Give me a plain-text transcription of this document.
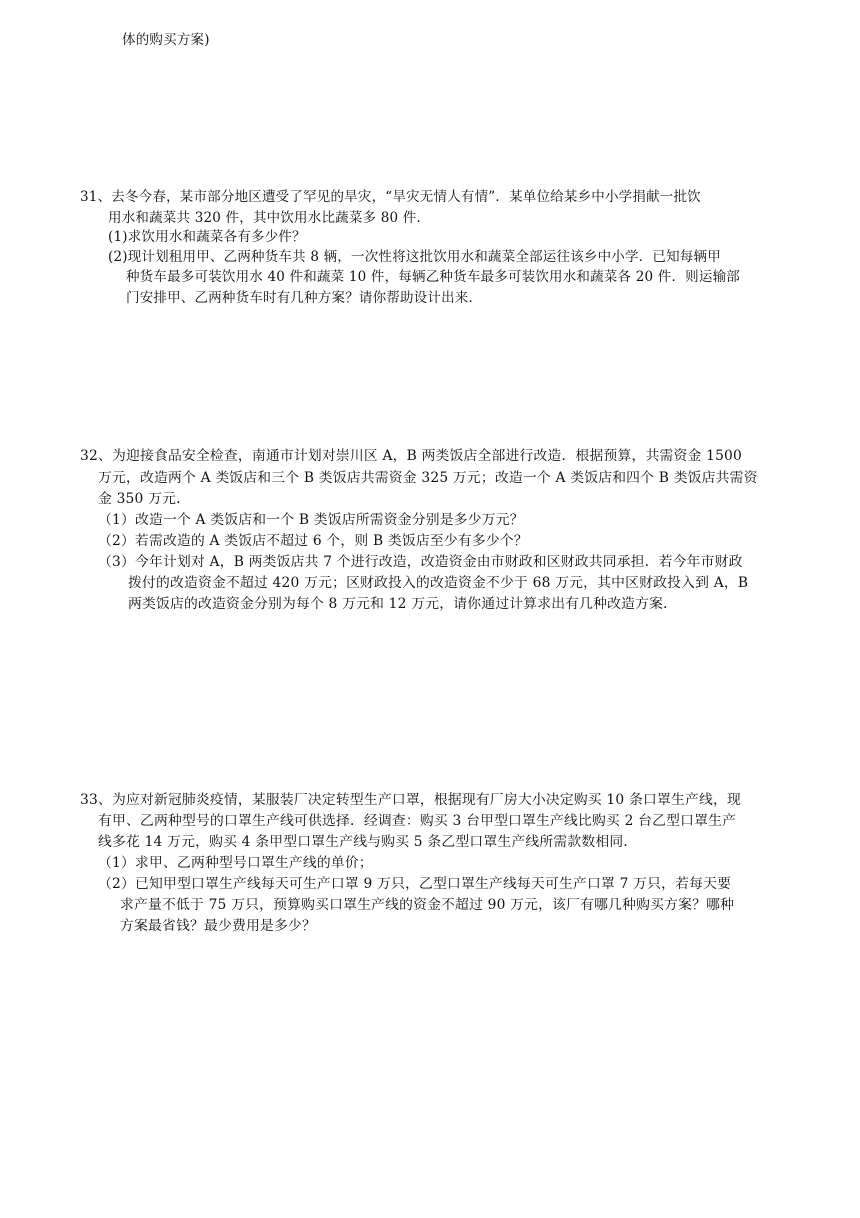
体的购买方案)
31、去冬今春，某市部分地区遭受了罕见的旱灾，“旱灾无情人有情”．某单位给某乡中小学捐献一批饮
用水和蔬菜共 320 件，其中饮用水比蔬菜多 80 件．
(1)求饮用水和蔬菜各有多少件？
(2)现计划租用甲、乙两种货车共 8 辆，一次性将这批饮用水和蔬菜全部运往该乡中小学．已知每辆甲
种货车最多可装饮用水 40 件和蔬菜 10 件，每辆乙种货车最多可装饮用水和蔬菜各 20 件．则运输部
门安排甲、乙两种货车时有几种方案？请你帮助设计出来．
32、为迎接食品安全检查，南通市计划对崇川区 A，B 两类饭店全部进行改造．根据预算，共需资金 1500
万元，改造两个 A 类饭店和三个 B 类饭店共需资金 325 万元；改造一个 A 类饭店和四个 B 类饭店共需资
金 350 万元．
（1）改造一个 A 类饭店和一个 B 类饭店所需资金分别是多少万元？
（2）若需改造的 A 类饭店不超过 6 个，则 B 类饭店至少有多少个？
（3）今年计划对 A，B 两类饭店共 7 个进行改造，改造资金由市财政和区财政共同承担．若今年市财政
拨付的改造资金不超过 420 万元；区财政投入的改造资金不少于 68 万元，其中区财政投入到 A，B
两类饭店的改造资金分别为每个 8 万元和 12 万元，请你通过计算求出有几种改造方案．
33、为应对新冠肺炎疫情，某服装厂决定转型生产口罩，根据现有厂房大小决定购买 10 条口罩生产线，现
有甲、乙两种型号的口罩生产线可供选择．经调查：购买 3 台甲型口罩生产线比购买 2 台乙型口罩生产
线多花 14 万元，购买 4 条甲型口罩生产线与购买 5 条乙型口罩生产线所需款数相同．
（1）求甲、乙两种型号口罩生产线的单价；
（2）已知甲型口罩生产线每天可生产口罩 9 万只，乙型口罩生产线每天可生产口罩 7 万只，若每天要
求产量不低于 75 万只，预算购买口罩生产线的资金不超过 90 万元，该厂有哪几种购买方案？哪种
方案最省钱？最少费用是多少？
